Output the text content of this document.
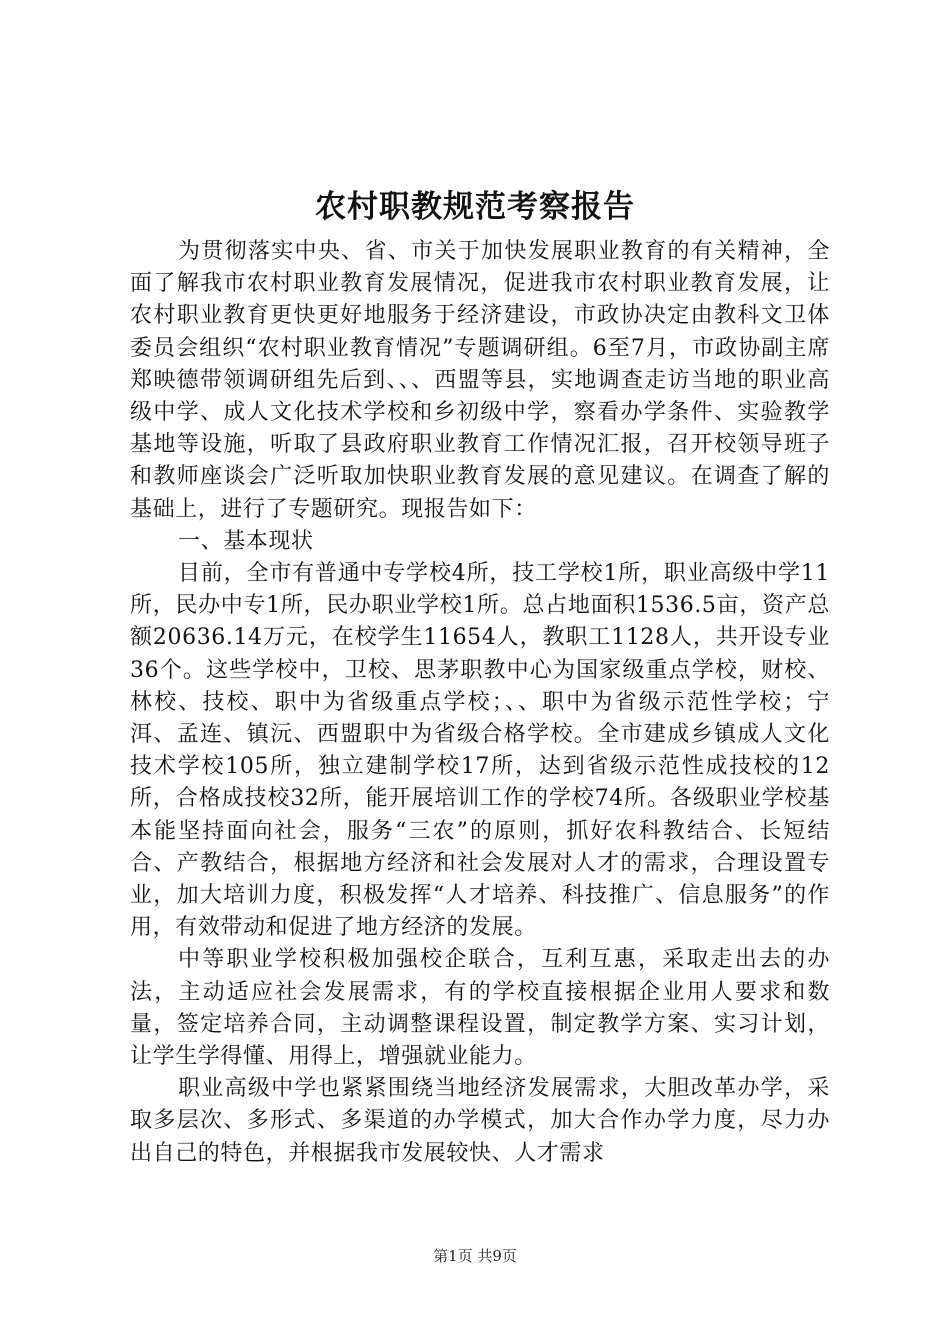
农村职教规范考察报告

为贯彻落实中央、省、市关于加快发展职业教育的有关精神，全面了解我市农村职业教育发展情况，促进我市农村职业教育发展，让农村职业教育更快更好地服务于经济建设，市政协决定由教科文卫体委员会组织“农村职业教育情况”专题调研组。6至7月，市政协副主席郑映德带领调研组先后到、、、西盟等县，实地调查走访当地的职业高级中学、成人文化技术学校和乡初级中学，察看办学条件、实验教学基地等设施，听取了县政府职业教育工作情况汇报，召开校领导班子和教师座谈会广泛听取加快职业教育发展的意见建议。在调查了解的基础上，进行了专题研究。现报告如下：

一、基本现状

目前，全市有普通中专学校4所，技工学校1所，职业高级中学11所，民办中专1所，民办职业学校1所。总占地面积1536.5亩，资产总额20636.14万元，在校学生11654人，教职工1128人，共开设专业36个。这些学校中，卫校、思茅职教中心为国家级重点学校，财校、林校、技校、职中为省级重点学校；、、职中为省级示范性学校；宁洱、孟连、镇沅、西盟职中为省级合格学校。全市建成乡镇成人文化技术学校105所，独立建制学校17所，达到省级示范性成技校的12所，合格成技校32所，能开展培训工作的学校74所。各级职业学校基本能坚持面向社会，服务“三农”的原则，抓好农科教结合、长短结合、产教结合，根据地方经济和社会发展对人才的需求，合理设置专业，加大培训力度，积极发挥“人才培养、科技推广、信息服务”的作用，有效带动和促进了地方经济的发展。

中等职业学校积极加强校企联合，互利互惠，采取走出去的办法，主动适应社会发展需求，有的学校直接根据企业用人要求和数量，签定培养合同，主动调整课程设置，制定教学方案、实习计划，让学生学得懂、用得上，增强就业能力。

职业高级中学也紧紧围绕当地经济发展需求，大胆改革办学，采取多层次、多形式、多渠道的办学模式，加大合作办学力度，尽力办出自己的特色，并根据我市发展较快、人才需求

第1页 共9页
